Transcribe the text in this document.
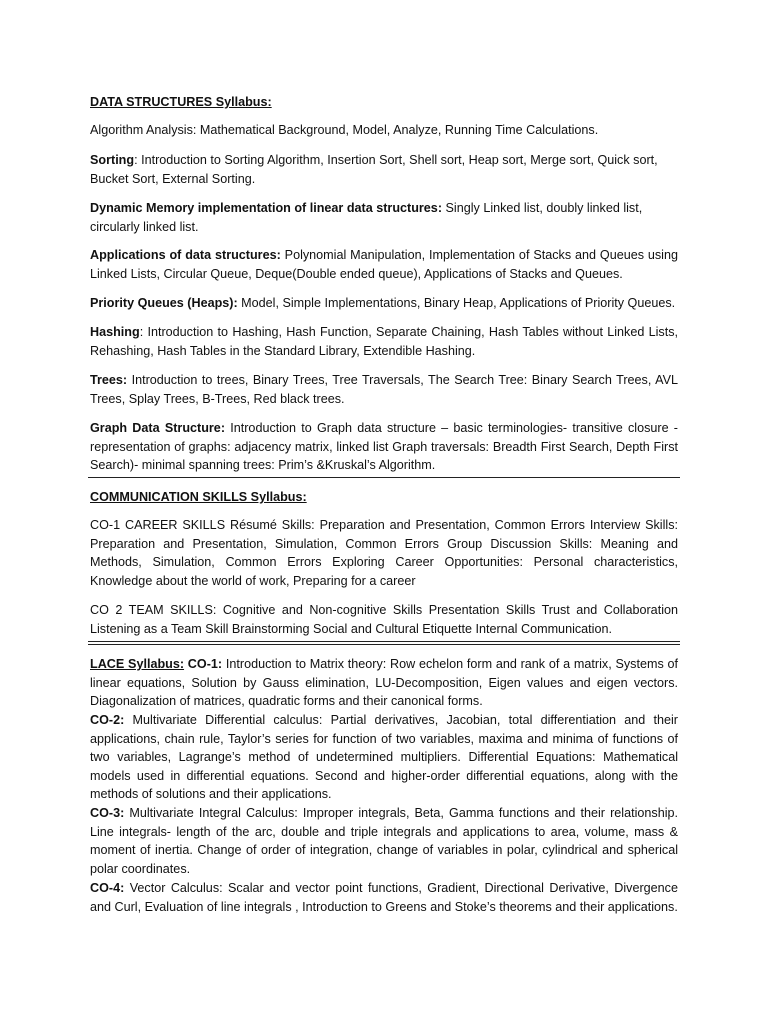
DATA STRUCTURES Syllabus:

Algorithm Analysis: Mathematical Background, Model, Analyze, Running Time Calculations.

Sorting: Introduction to Sorting Algorithm, Insertion Sort, Shell sort, Heap sort, Merge sort, Quick sort, Bucket Sort, External Sorting.

Dynamic Memory implementation of linear data structures: Singly Linked list, doubly linked list, circularly linked list.

Applications of data structures: Polynomial Manipulation, Implementation of Stacks and Queues using Linked Lists, Circular Queue, Deque(Double ended queue), Applications of Stacks and Queues.

Priority Queues (Heaps): Model, Simple Implementations, Binary Heap, Applications of Priority Queues.

Hashing: Introduction to Hashing, Hash Function, Separate Chaining, Hash Tables without Linked Lists, Rehashing, Hash Tables in the Standard Library, Extendible Hashing.

Trees: Introduction to trees, Binary Trees, Tree Traversals, The Search Tree: Binary Search Trees, AVL Trees, Splay Trees, B-Trees, Red black trees.

Graph Data Structure: Introduction to Graph data structure – basic terminologies- transitive closure - representation of graphs: adjacency matrix, linked list Graph traversals: Breadth First Search, Depth First Search)- minimal spanning trees: Prim’s &Kruskal’s Algorithm.

COMMUNICATION SKILLS Syllabus:

CO-1 CAREER SKILLS Résumé Skills: Preparation and Presentation, Common Errors Interview Skills: Preparation and Presentation, Simulation, Common Errors Group Discussion Skills: Meaning and Methods, Simulation, Common Errors Exploring Career Opportunities: Personal characteristics, Knowledge about the world of work, Preparing for a career

CO 2 TEAM SKILLS: Cognitive and Non-cognitive Skills Presentation Skills Trust and Collaboration Listening as a Team Skill Brainstorming Social and Cultural Etiquette Internal Communication.

LACE Syllabus: CO-1: Introduction to Matrix theory: Row echelon form and rank of a matrix, Systems of linear equations, Solution by Gauss elimination, LU-Decomposition, Eigen values and eigen vectors. Diagonalization of matrices, quadratic forms and their canonical forms.

CO-2: Multivariate Differential calculus: Partial derivatives, Jacobian, total differentiation and their applications, chain rule, Taylor’s series for function of two variables, maxima and minima of functions of two variables, Lagrange’s method of undetermined multipliers. Differential Equations: Mathematical models used in differential equations. Second and higher-order differential equations, along with the methods of solutions and their applications.

CO-3: Multivariate Integral Calculus: Improper integrals, Beta, Gamma functions and their relationship. Line integrals- length of the arc, double and triple integrals and applications to area, volume, mass & moment of inertia. Change of order of integration, change of variables in polar, cylindrical and spherical polar coordinates.

CO-4: Vector Calculus: Scalar and vector point functions, Gradient, Directional Derivative, Divergence and Curl, Evaluation of line integrals , Introduction to Greens and Stoke’s theorems and their applications.
